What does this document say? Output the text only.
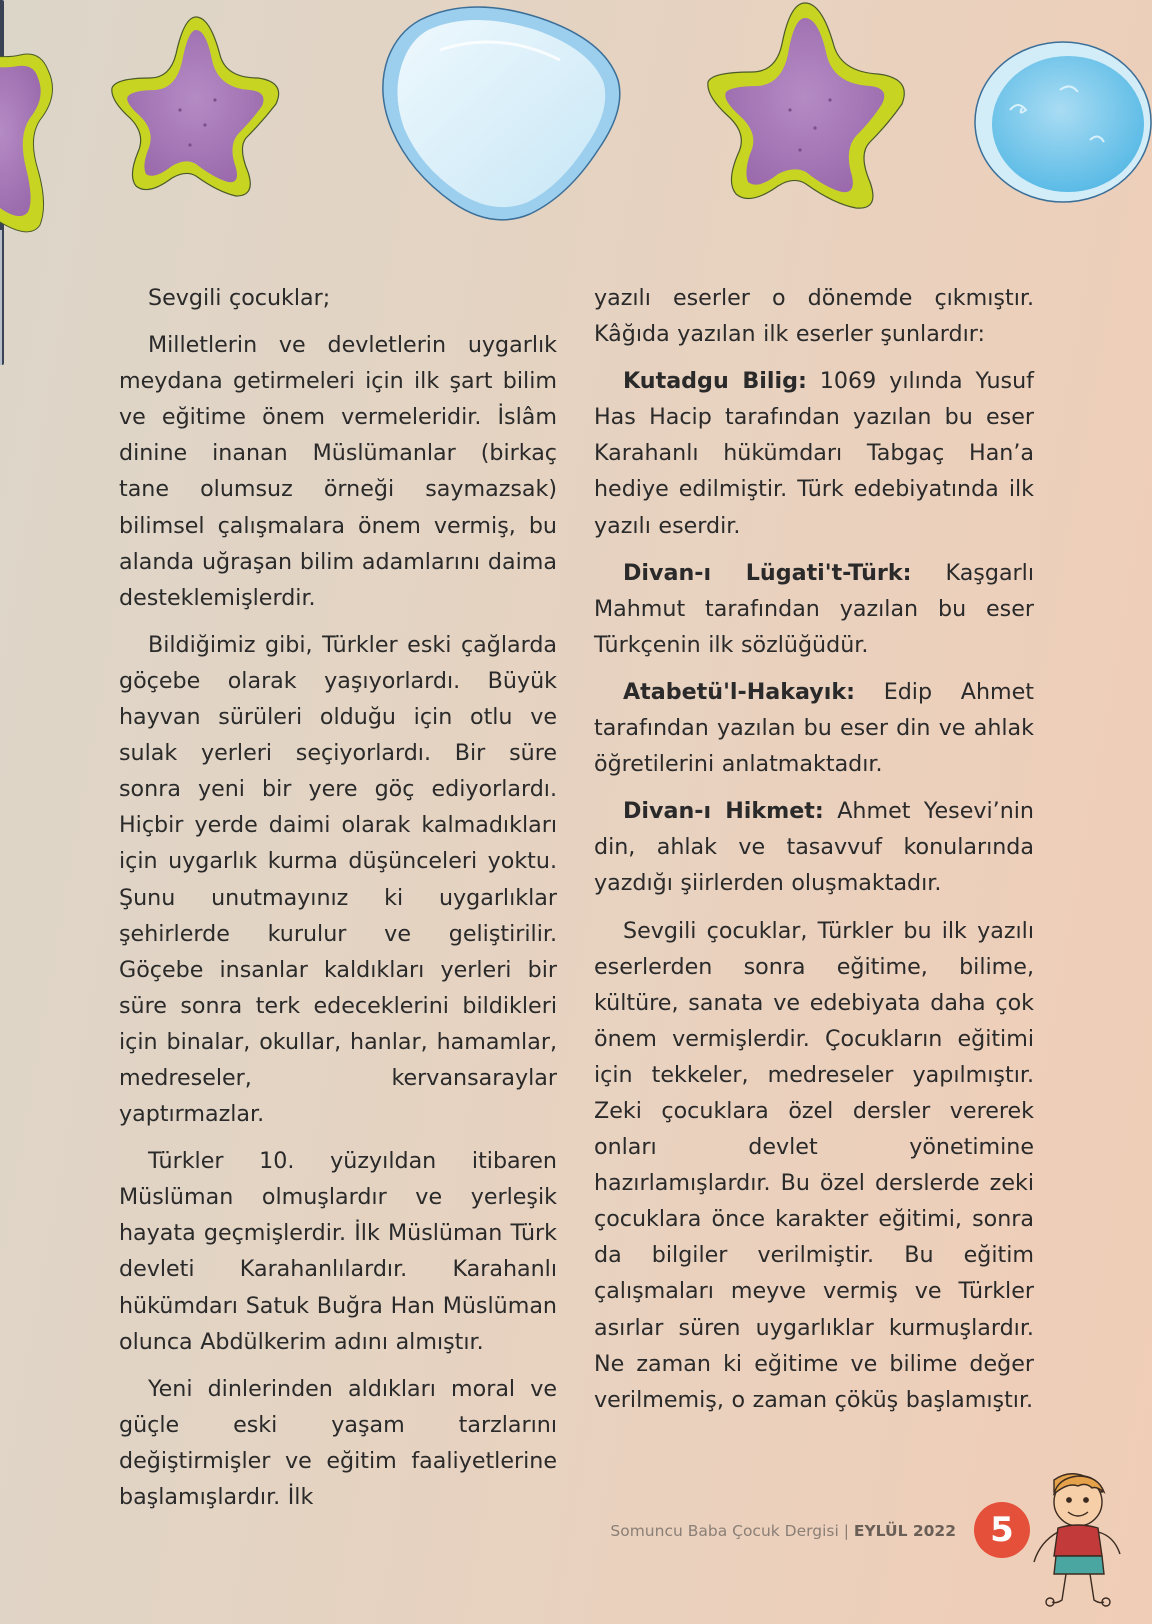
Sevgili çocuklar;

Milletlerin ve devletlerin uygarlık meydana getirmeleri için ilk şart bilim ve eğitime önem vermeleridir. İslâm dinine inanan Müslümanlar (birkaç tane olumsuz örneği saymazsak) bilimsel çalışmalara önem vermiş, bu alanda uğraşan bilim adamlarını daima desteklemişlerdir.

Bildiğimiz gibi, Türkler eski çağlarda göçebe olarak yaşıyorlardı. Büyük hayvan sürüleri olduğu için otlu ve sulak yerleri seçiyorlardı. Bir süre sonra yeni bir yere göç ediyorlardı. Hiçbir yerde daimi olarak kalmadıkları için uygarlık kurma düşünceleri yoktu. Şunu unutmayınız ki uygarlıklar şehirlerde kurulur ve geliştirilir. Göçebe insanlar kaldıkları yerleri bir süre sonra terk edeceklerini bildikleri için binalar, okullar, hanlar, hamamlar, medreseler, kervansaraylar yaptırmazlar.

Türkler 10. yüzyıldan itibaren Müslüman olmuşlardır ve yerleşik hayata geçmişlerdir. İlk Müslüman Türk devleti Karahanlılardır. Karahanlı hükümdarı Satuk Buğra Han Müslüman olunca Abdülkerim adını almıştır.

Yeni dinlerinden aldıkları moral ve güçle eski yaşam tarzlarını değiştirmişler ve eğitim faaliyetlerine başlamışlardır. İlk

yazılı eserler o dönemde çıkmıştır. Kâğıda yazılan ilk eserler şunlardır:

Kutadgu Bilig: 1069 yılında Yusuf Has Hacip tarafından yazılan bu eser Karahanlı hükümdarı Tabgaç Han’a hediye edilmiştir. Türk edebiyatında ilk yazılı eserdir.

Divan-ı Lügati't-Türk: Kaşgarlı Mahmut tarafından yazılan bu eser Türkçenin ilk sözlüğüdür.

Atabetü'l-Hakayık: Edip Ahmet tarafından yazılan bu eser din ve ahlak öğretilerini anlatmaktadır.

Divan-ı Hikmet: Ahmet Yesevi’nin din, ahlak ve tasavvuf konularında yazdığı şiirlerden oluşmaktadır.

Sevgili çocuklar, Türkler bu ilk yazılı eserlerden sonra eğitime, bilime, kültüre, sanata ve edebiyata daha çok önem vermişlerdir. Çocukların eğitimi için tekkeler, medreseler yapılmıştır. Zeki çocuklara özel dersler vererek onları devlet yönetimine hazırlamışlardır. Bu özel derslerde zeki çocuklara önce karakter eğitimi, sonra da bilgiler verilmiştir. Bu eğitim çalışmaları meyve vermiş ve Türkler asırlar süren uygarlıklar kurmuşlardır. Ne zaman ki eğitime ve bilime değer verilmemiş, o zaman çöküş başlamıştır.

Somuncu Baba Çocuk Dergisi | EYLÜL 2022	5
